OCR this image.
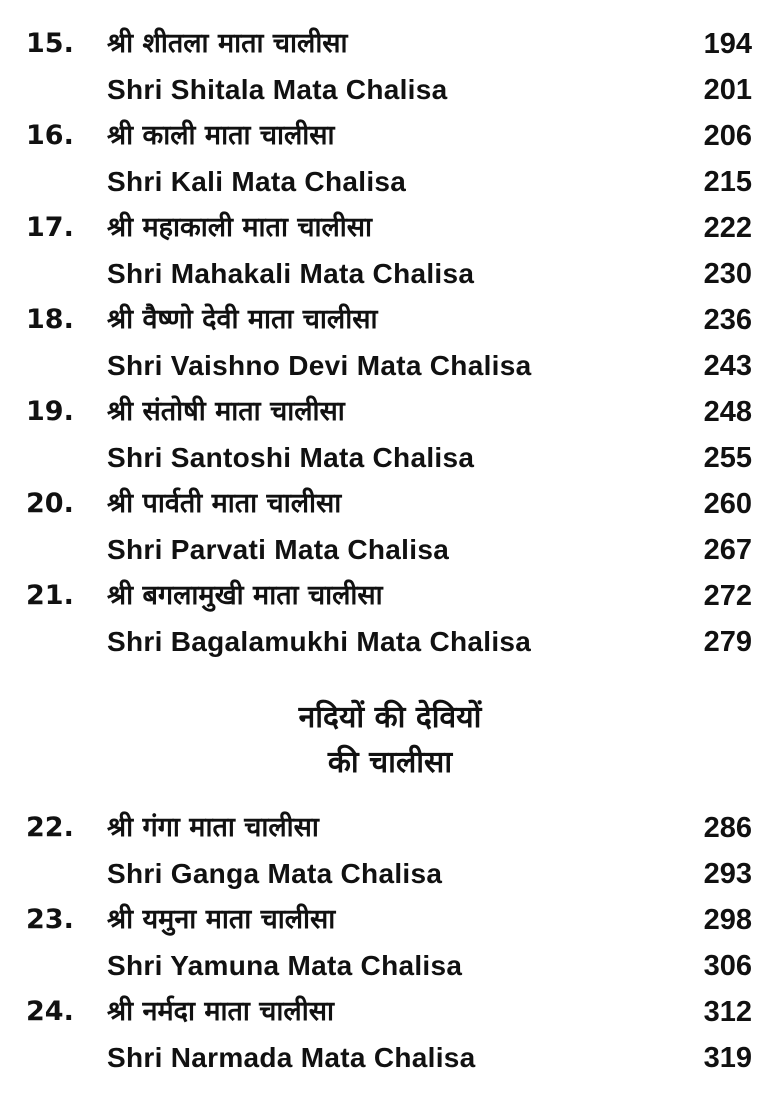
15. श्री शीतला माता चालीसा	194
Shri Shitala Mata Chalisa	201
16. श्री काली माता चालीसा	206
Shri Kali Mata Chalisa	215
17. श्री महाकाली माता चालीसा	222
Shri Mahakali Mata Chalisa	230
18. श्री वैष्णो देवी माता चालीसा	236
Shri Vaishno Devi Mata Chalisa	243
19. श्री संतोषी माता चालीसा	248
Shri Santoshi Mata Chalisa	255
20. श्री पार्वती माता चालीसा	260
Shri Parvati Mata Chalisa	267
21. श्री बगलामुखी माता चालीसा	272
Shri Bagalamukhi Mata Chalisa	279
नदियों की देवियों
की चालीसा
22. श्री गंगा माता चालीसा	286
Shri Ganga Mata Chalisa	293
23. श्री यमुना माता चालीसा	298
Shri Yamuna Mata Chalisa	306
24. श्री नर्मदा माता चालीसा	312
Shri Narmada Mata Chalisa	319
